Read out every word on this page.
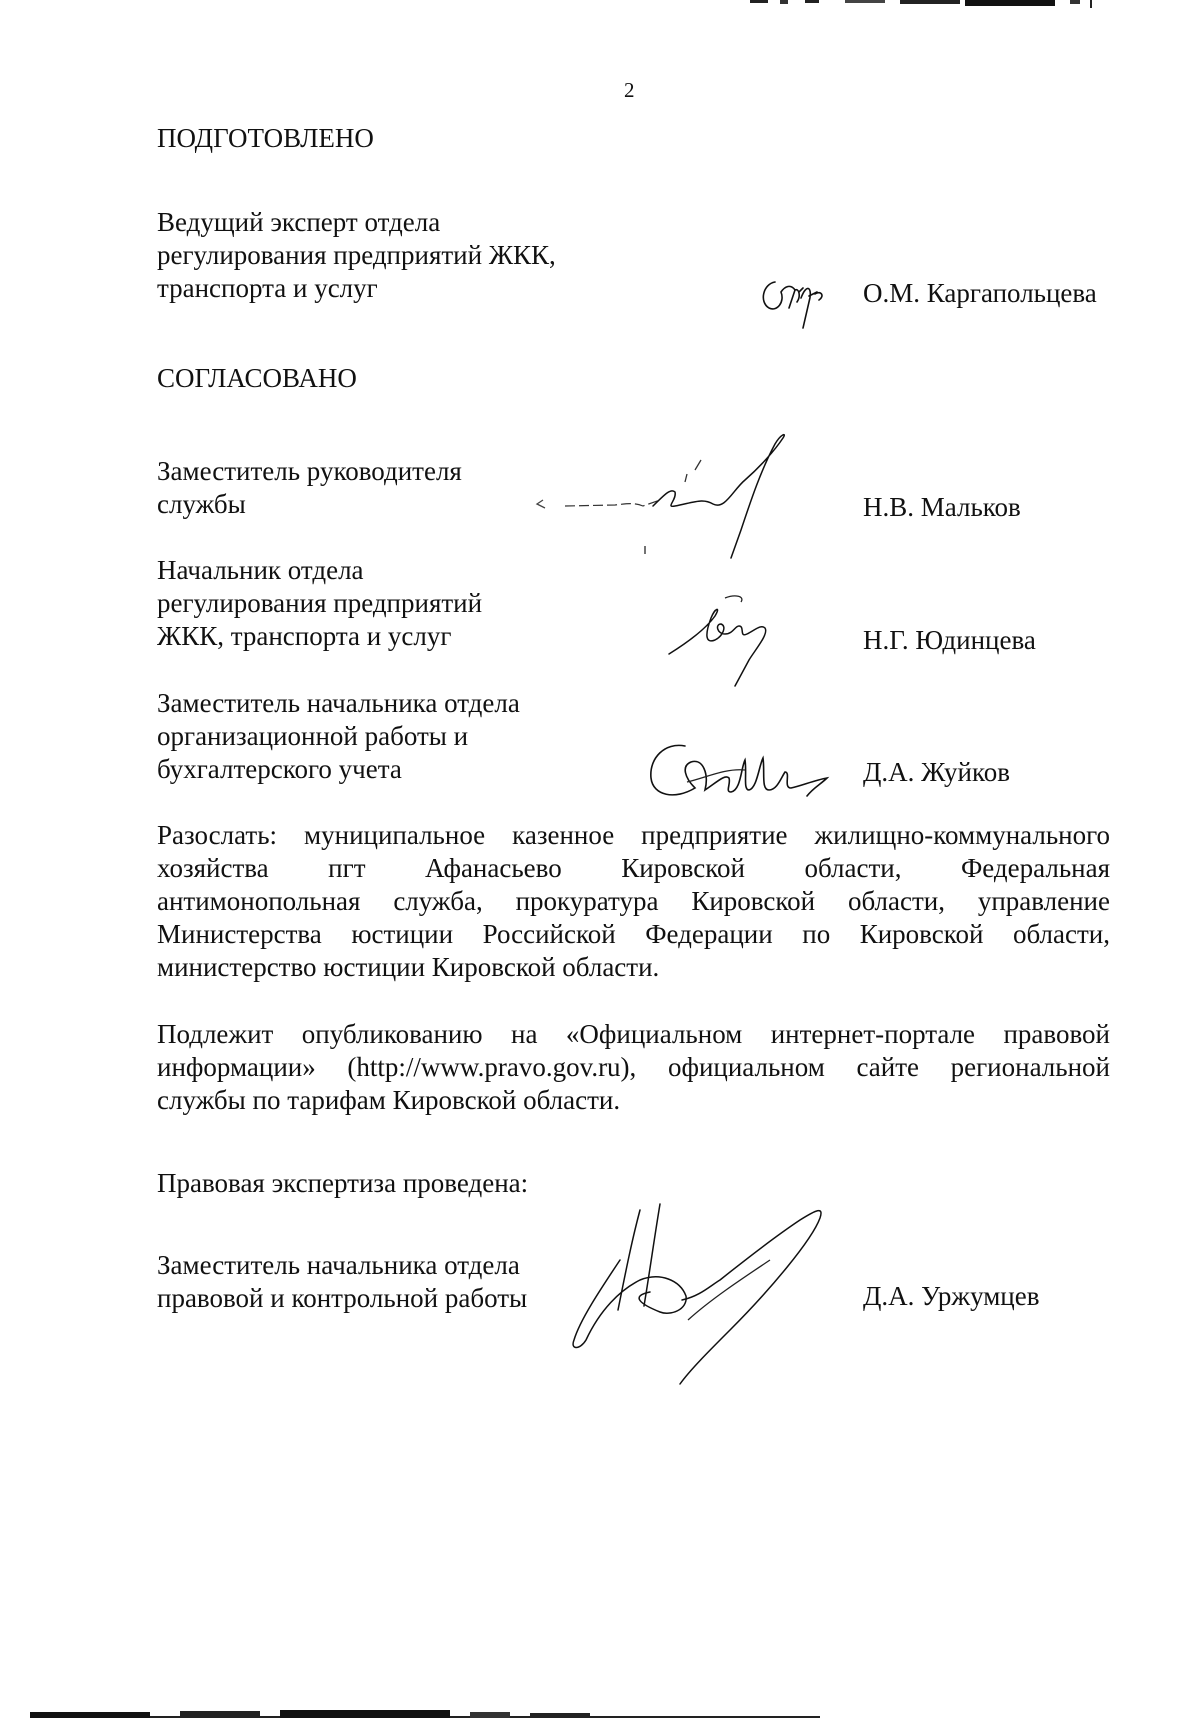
2
ПОДГОТОВЛЕНО
Ведущий эксперт отдела
регулирования предприятий ЖКК,
транспорта и услуг	О.М. Каргапольцева
СОГЛАСОВАНО
Заместитель руководителя
службы	Н.В. Мальков
Начальник отдела
регулирования предприятий
ЖКК, транспорта и услуг	Н.Г. Юдинцева
Заместитель начальника отдела
организационной работы и
бухгалтерского учета	Д.А. Жуйков
Разослать: муниципальное казенное предприятие жилищно-коммунального
хозяйства пгт Афанасьево Кировской области, Федеральная
антимонопольная служба, прокуратура Кировской области, управление
Министерства юстиции Российской Федерации по Кировской области,
министерство юстиции Кировской области.
Подлежит опубликованию на «Официальном интернет-портале правовой
информации» (http://www.pravo.gov.ru), официальном сайте региональной
службы по тарифам Кировской области.
Правовая экспертиза проведена:
Заместитель начальника отдела
правовой и контрольной работы	Д.А. Уржумцев
